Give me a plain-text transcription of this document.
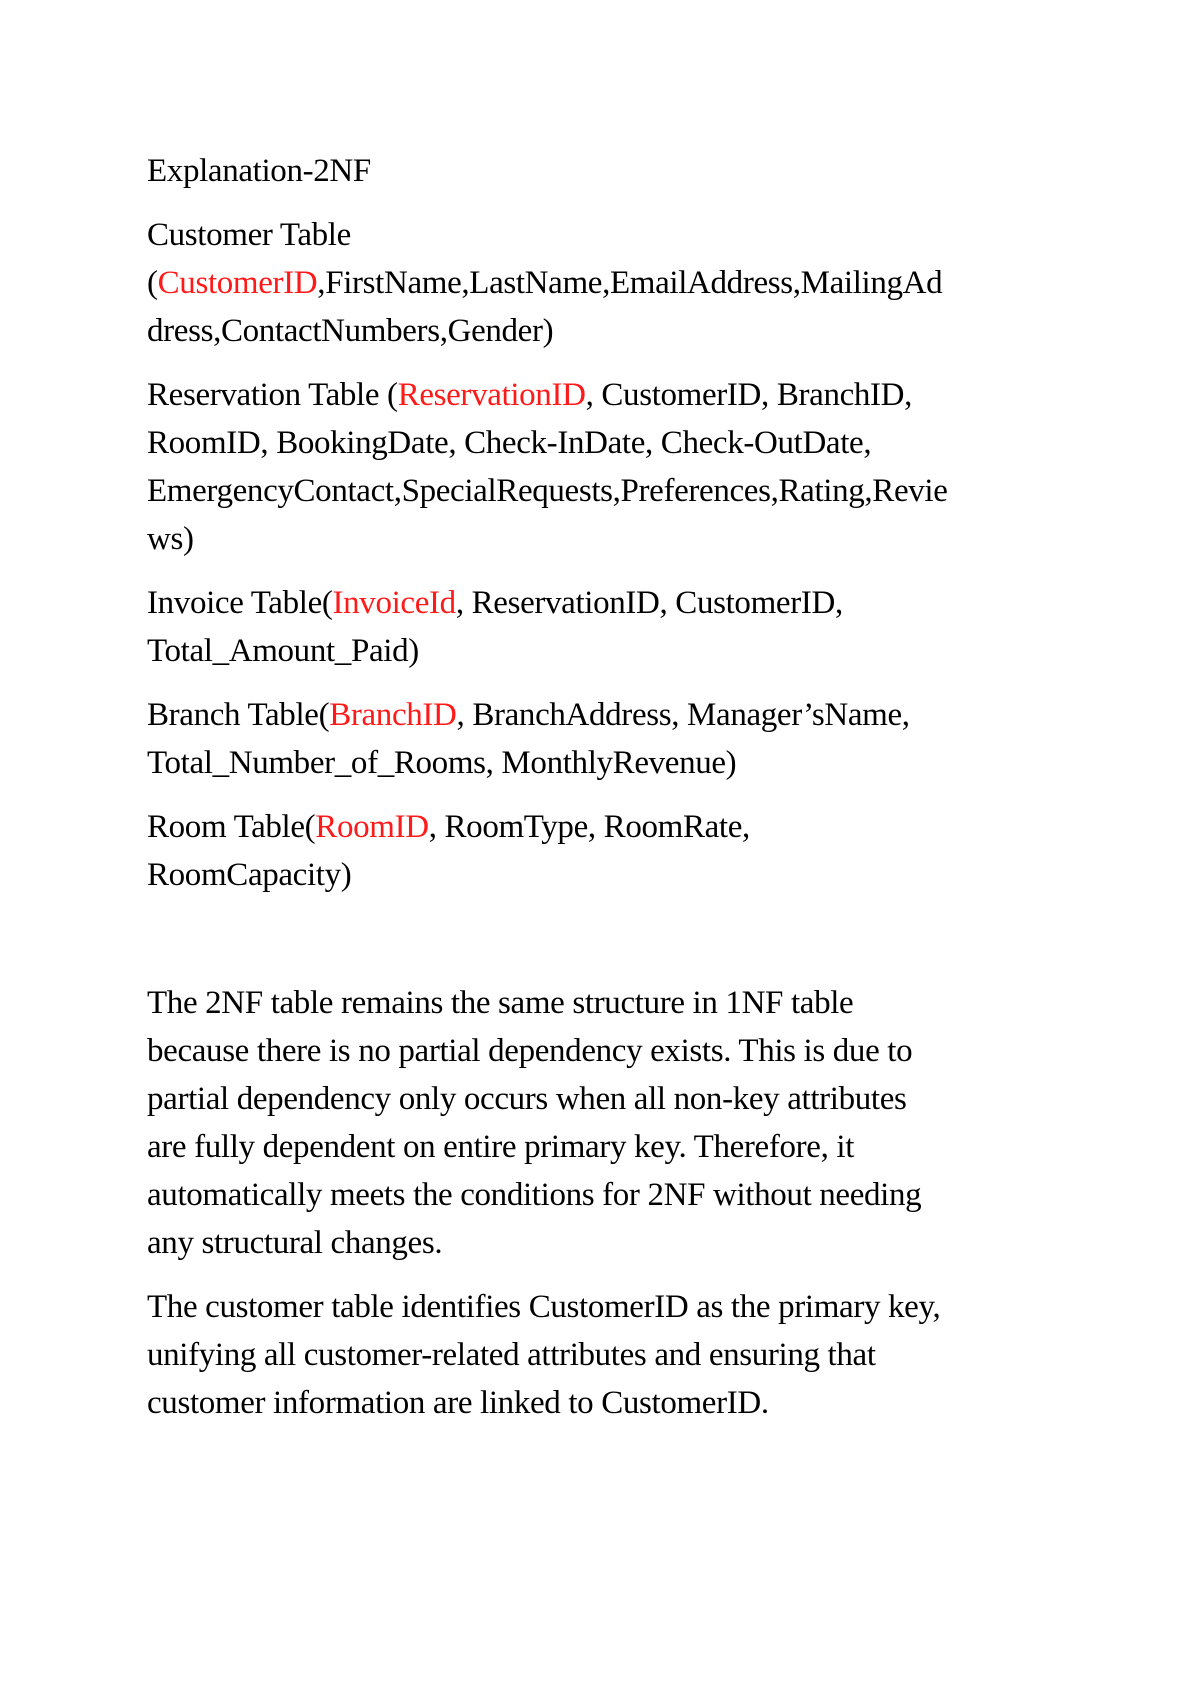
Explanation-2NF
Customer Table
(CustomerID,FirstName,LastName,EmailAddress,MailingAd
dress,ContactNumbers,Gender)
Reservation Table (ReservationID, CustomerID, BranchID,
RoomID, BookingDate, Check-InDate, Check-OutDate,
EmergencyContact,SpecialRequests,Preferences,Rating,Revie
ws)
Invoice Table(InvoiceId, ReservationID, CustomerID,
Total_Amount_Paid)
Branch Table(BranchID, BranchAddress, Manager’sName,
Total_Number_of_Rooms, MonthlyRevenue)
Room Table(RoomID, RoomType, RoomRate,
RoomCapacity)
The 2NF table remains the same structure in 1NF table
because there is no partial dependency exists. This is due to
partial dependency only occurs when all non-key attributes
are fully dependent on entire primary key. Therefore, it
automatically meets the conditions for 2NF without needing
any structural changes.
The customer table identifies CustomerID as the primary key,
unifying all customer-related attributes and ensuring that
customer information are linked to CustomerID.
